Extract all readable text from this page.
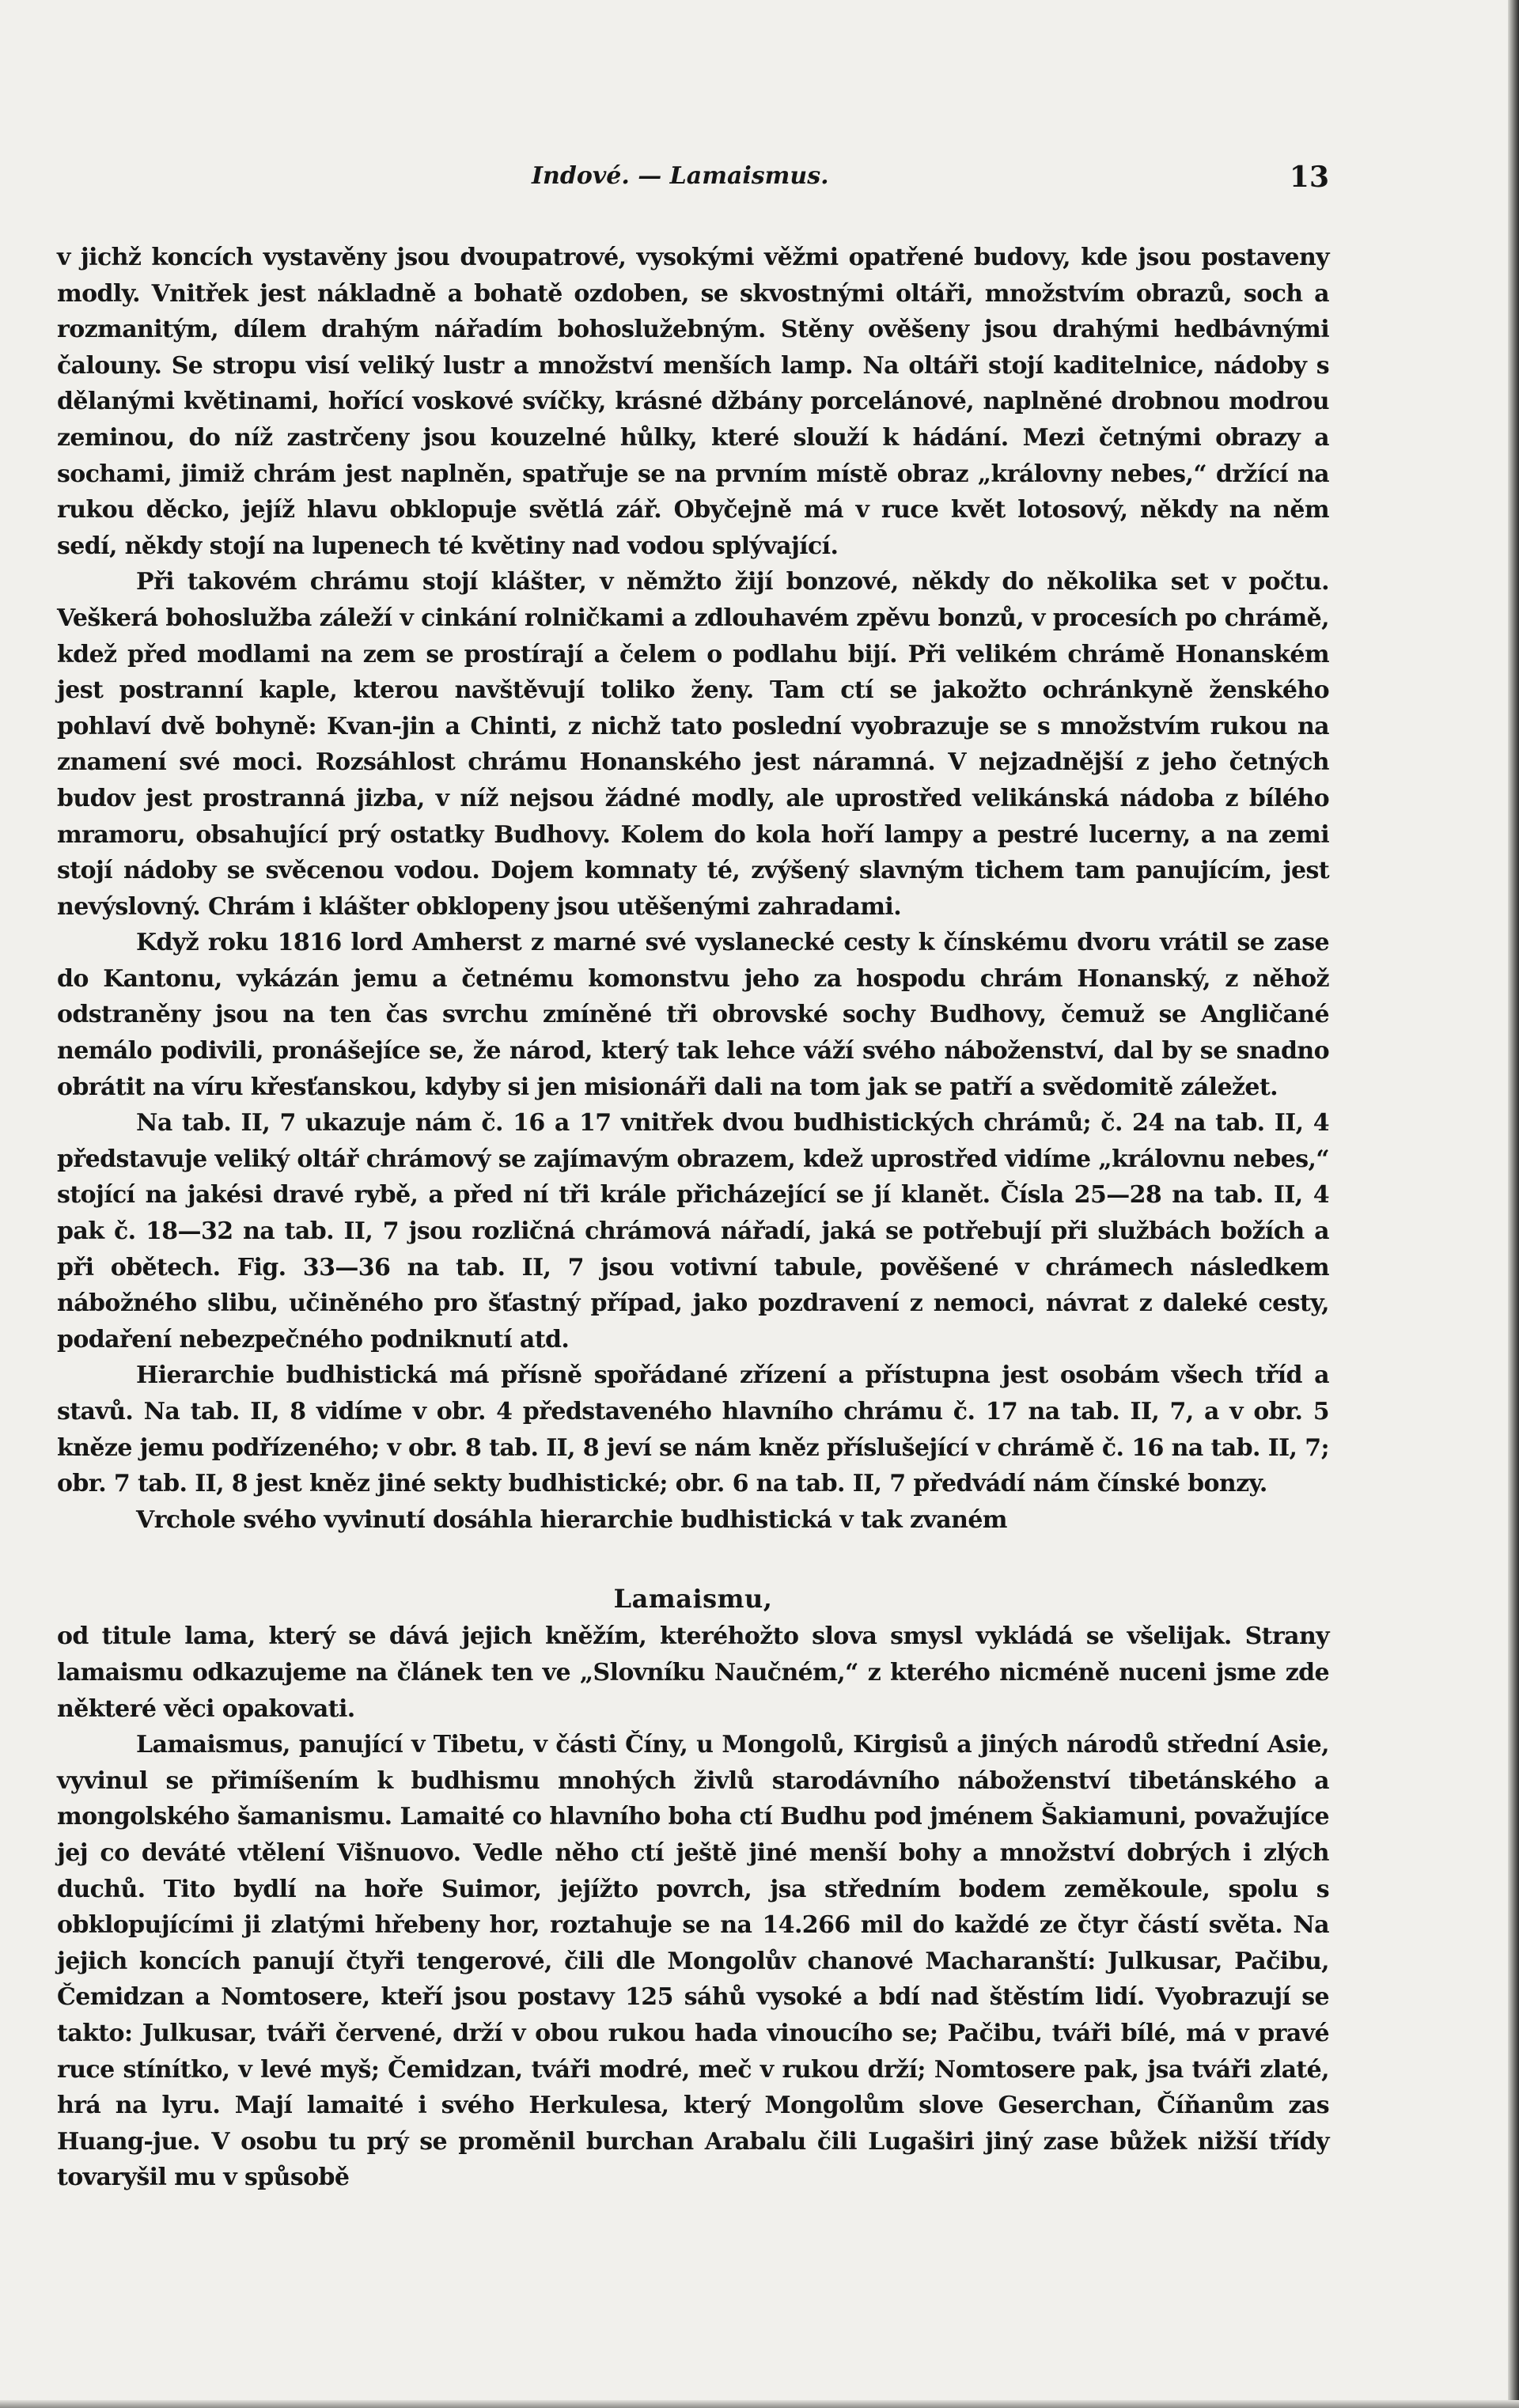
Indové. — Lamaismus.	13

v jichž koncích vystavěny jsou dvoupatrové, vysokými věžmi opatřené budovy, kde jsou postaveny modly. Vnitřek jest nákladně a bohatě ozdoben, se skvostnými oltáři, množstvím obrazů, soch a rozmanitým, dílem drahým nářadím bohoslužebným. Stěny ověšeny jsou drahými hedbávnými čalouny. Se stropu visí veliký lustr a množství menších lamp. Na oltáři stojí kaditelnice, nádoby s dělanými květinami, hořící voskové svíčky, krásné džbány porcelánové, naplněné drobnou modrou zeminou, do níž zastrčeny jsou kouzelné hůlky, které slouží k hádání. Mezi četnými obrazy a sochami, jimiž chrám jest naplněn, spatřuje se na prvním místě obraz „královny nebes,“ držící na rukou děcko, jejíž hlavu obklopuje světlá zář. Obyčejně má v ruce květ lotosový, někdy na něm sedí, někdy stojí na lupenech té květiny nad vodou splývající.

Při takovém chrámu stojí klášter, v němžto žijí bonzové, někdy do několika set v počtu. Veškerá bohoslužba záleží v cinkání rolničkami a zdlouhavém zpěvu bonzů, v procesích po chrámě, kdež před modlami na zem se prostírají a čelem o podlahu bijí. Při velikém chrámě Honanském jest postranní kaple, kterou navštěvují toliko ženy. Tam ctí se jakožto ochránkyně ženského pohlaví dvě bohyně: Kvan-jin a Chinti, z nichž tato poslední vyobrazuje se s množstvím rukou na znamení své moci. Rozsáhlost chrámu Honanského jest náramná. V nejzadnější z jeho četných budov jest prostranná jizba, v níž nejsou žádné modly, ale uprostřed velikánská nádoba z bílého mramoru, obsahující prý ostatky Budhovy. Kolem do kola hoří lampy a pestré lucerny, a na zemi stojí nádoby se svěcenou vodou. Dojem komnaty té, zvýšený slavným tichem tam panujícím, jest nevýslovný. Chrám i klášter obklopeny jsou utěšenými zahradami.

Když roku 1816 lord Amherst z marné své vyslanecké cesty k čínskému dvoru vrátil se zase do Kantonu, vykázán jemu a četnému komonstvu jeho za hospodu chrám Honanský, z něhož odstraněny jsou na ten čas svrchu zmíněné tři obrovské sochy Budhovy, čemuž se Angličané nemálo podivili, pronášejíce se, že národ, který tak lehce váží svého náboženství, dal by se snadno obrátit na víru křesťanskou, kdyby si jen misionáři dali na tom jak se patří a svědomitě záležet.

Na tab. II, 7 ukazuje nám č. 16 a 17 vnitřek dvou budhistických chrámů; č. 24 na tab. II, 4 představuje veliký oltář chrámový se zajímavým obrazem, kdež uprostřed vidíme „královnu nebes,“ stojící na jakési dravé rybě, a před ní tři krále přicházející se jí klanět. Čísla 25—28 na tab. II, 4 pak č. 18—32 na tab. II, 7 jsou rozličná chrámová nářadí, jaká se potřebují při službách božích a při obětech. Fig. 33—36 na tab. II, 7 jsou votivní tabule, pověšené v chrámech následkem nábožného slibu, učiněného pro šťastný případ, jako pozdravení z nemoci, návrat z daleké cesty, podaření nebezpečného podniknutí atd.

Hierarchie budhistická má přísně spořádané zřízení a přístupna jest osobám všech tříd a stavů. Na tab. II, 8 vidíme v obr. 4 představeného hlavního chrámu č. 17 na tab. II, 7, a v obr. 5 kněze jemu podřízeného; v obr. 8 tab. II, 8 jeví se nám kněz příslušející v chrámě č. 16 na tab. II, 7; obr. 7 tab. II, 8 jest kněz jiné sekty budhistické; obr. 6 na tab. II, 7 předvádí nám čínské bonzy.

Vrchole svého vyvinutí dosáhla hierarchie budhistická v tak zvaném

Lamaismu,

od titule lama, který se dává jejich kněžím, kteréhožto slova smysl vykládá se všelijak. Strany lamaismu odkazujeme na článek ten ve „Slovníku Naučném,“ z kterého nicméně nuceni jsme zde některé věci opakovati.

Lamaismus, panující v Tibetu, v části Číny, u Mongolů, Kirgisů a jiných národů střední Asie, vyvinul se přimíšením k budhismu mnohých živlů starodávního náboženství tibetánského a mongolského šamanismu. Lamaité co hlavního boha ctí Budhu pod jménem Šakiamuni, považujíce jej co deváté vtělení Višnuovo. Vedle něho ctí ještě jiné menší bohy a množství dobrých i zlých duchů. Tito bydlí na hoře Suimor, jejížto povrch, jsa středním bodem zeměkoule, spolu s obklopujícími ji zlatými hřebeny hor, roztahuje se na 14.266 mil do každé ze čtyr částí světa. Na jejich koncích panují čtyři tengerové, čili dle Mongolův chanové Macharanští: Julkusar, Pačibu, Čemidzan a Nomtosere, kteří jsou postavy 125 sáhů vysoké a bdí nad štěstím lidí. Vyobrazují se takto: Julkusar, tváři červené, drží v obou rukou hada vinoucího se; Pačibu, tváři bílé, má v pravé ruce stínítko, v levé myš; Čemidzan, tváři modré, meč v rukou drží; Nomtosere pak, jsa tváři zlaté, hrá na lyru. Mají lamaité i svého Herkulesa, který Mongolům slove Geserchan, Číňanům zas Huang-jue. V osobu tu prý se proměnil burchan Arabalu čili Lugaširi jiný zase bůžek nižší třídy tovaryšil mu v spůsobě
